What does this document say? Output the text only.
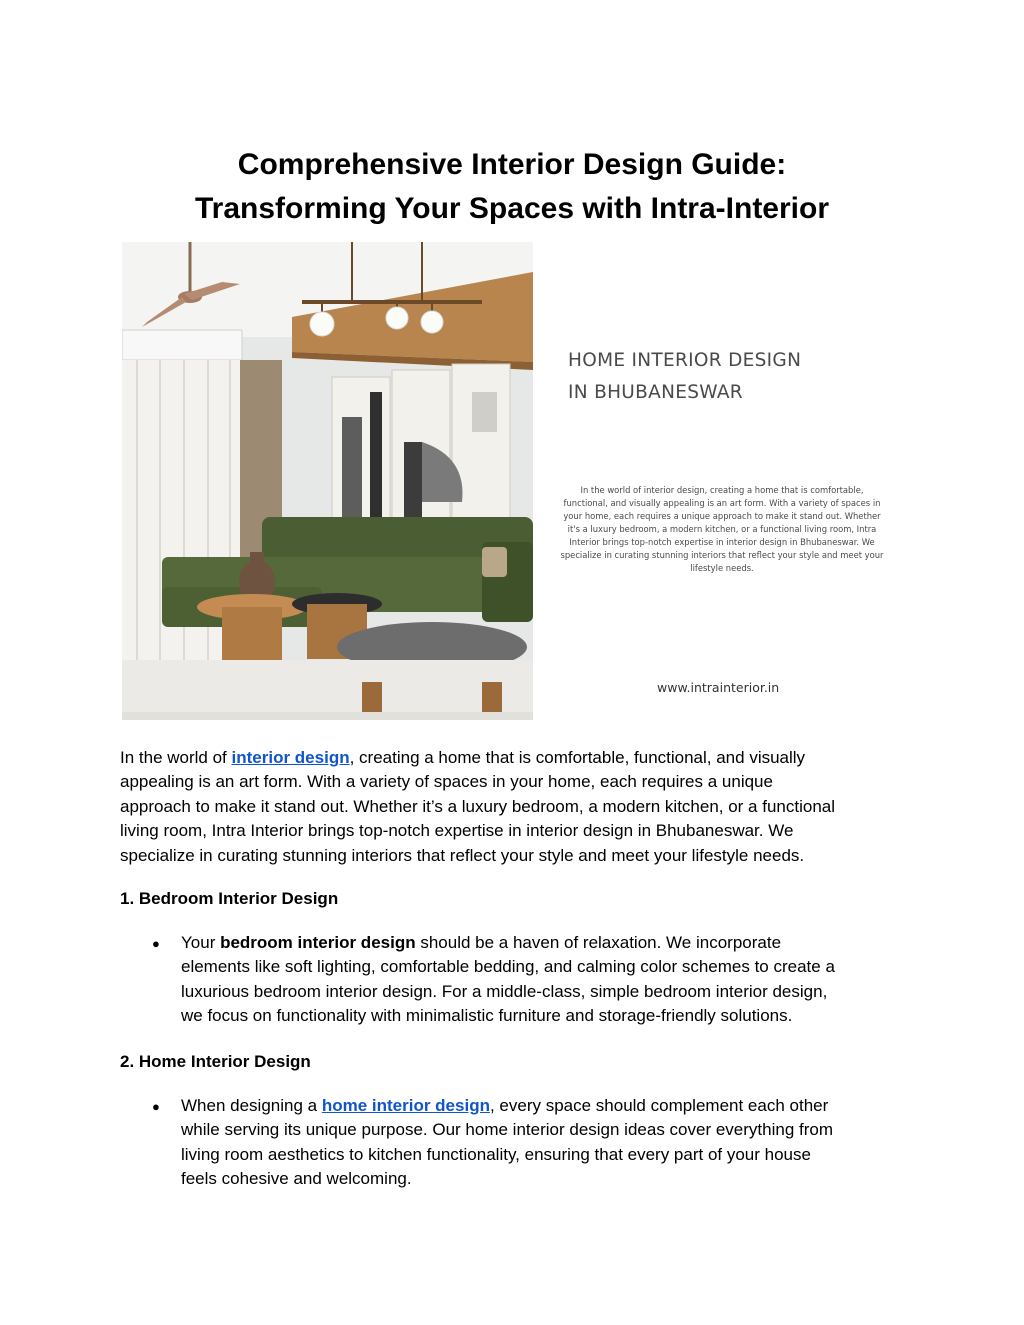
Comprehensive Interior Design Guide:
Transforming Your Spaces with Intra-Interior
HOME INTERIOR DESIGN
IN BHUBANESWAR
In the world of interior design, creating a home that is comfortable,
functional, and visually appealing is an art form. With a variety of spaces in
your home, each requires a unique approach to make it stand out. Whether
it's a luxury bedroom, a modern kitchen, or a functional living room, Intra
Interior brings top-notch expertise in interior design in Bhubaneswar. We
specialize in curating stunning interiors that reflect your style and meet your
lifestyle needs.
www.intrainterior.in
In the world of interior design, creating a home that is comfortable, functional, and visually
appealing is an art form. With a variety of spaces in your home, each requires a unique
approach to make it stand out. Whether it’s a luxury bedroom, a modern kitchen, or a functional
living room, Intra Interior brings top-notch expertise in interior design in Bhubaneswar. We
specialize in curating stunning interiors that reflect your style and meet your lifestyle needs.
1. Bedroom Interior Design
● Your bedroom interior design should be a haven of relaxation. We incorporate
elements like soft lighting, comfortable bedding, and calming color schemes to create a
luxurious bedroom interior design. For a middle-class, simple bedroom interior design,
we focus on functionality with minimalistic furniture and storage-friendly solutions.
2. Home Interior Design
● When designing a home interior design, every space should complement each other
while serving its unique purpose. Our home interior design ideas cover everything from
living room aesthetics to kitchen functionality, ensuring that every part of your house
feels cohesive and welcoming.
